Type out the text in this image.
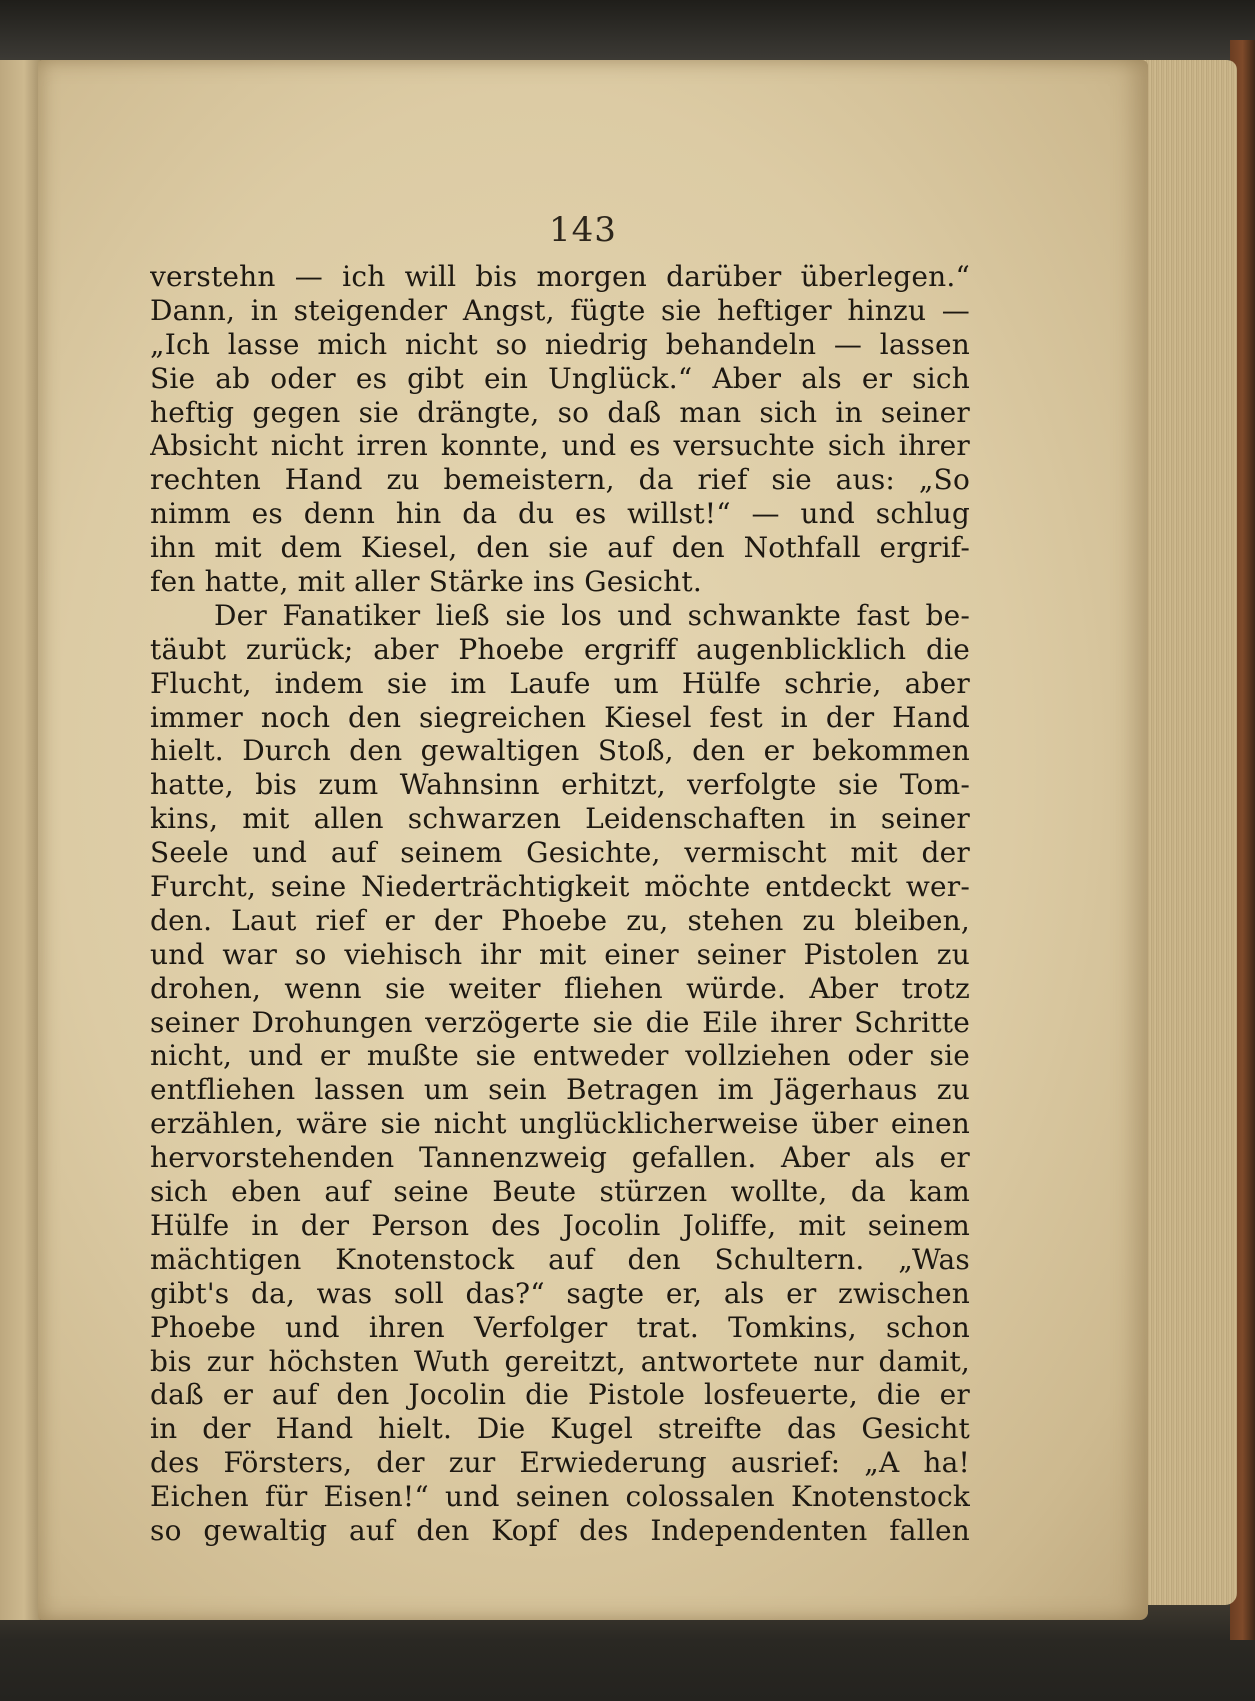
143
verstehn — ich will bis morgen darüber überlegen.“
Dann, in steigender Angst, fügte sie heftiger hinzu —
„Ich lasse mich nicht so niedrig behandeln — lassen
Sie ab oder es gibt ein Unglück.“ Aber als er sich
heftig gegen sie drängte, so daß man sich in seiner
Absicht nicht irren konnte, und es versuchte sich ihrer
rechten Hand zu bemeistern, da rief sie aus: „So
nimm es denn hin da du es willst!“ — und schlug
ihn mit dem Kiesel, den sie auf den Nothfall ergrif-
fen hatte, mit aller Stärke ins Gesicht.
Der Fanatiker ließ sie los und schwankte fast be-
täubt zurück; aber Phoebe ergriff augenblicklich die
Flucht, indem sie im Laufe um Hülfe schrie, aber
immer noch den siegreichen Kiesel fest in der Hand
hielt. Durch den gewaltigen Stoß, den er bekommen
hatte, bis zum Wahnsinn erhitzt, verfolgte sie Tom-
kins, mit allen schwarzen Leidenschaften in seiner
Seele und auf seinem Gesichte, vermischt mit der
Furcht, seine Niederträchtigkeit möchte entdeckt wer-
den. Laut rief er der Phoebe zu, stehen zu bleiben,
und war so viehisch ihr mit einer seiner Pistolen zu
drohen, wenn sie weiter fliehen würde. Aber trotz
seiner Drohungen verzögerte sie die Eile ihrer Schritte
nicht, und er mußte sie entweder vollziehen oder sie
entfliehen lassen um sein Betragen im Jägerhaus zu
erzählen, wäre sie nicht unglücklicherweise über einen
hervorstehenden Tannenzweig gefallen. Aber als er
sich eben auf seine Beute stürzen wollte, da kam
Hülfe in der Person des Jocolin Joliffe, mit seinem
mächtigen Knotenstock auf den Schultern. „Was
gibt's da, was soll das?“ sagte er, als er zwischen
Phoebe und ihren Verfolger trat. Tomkins, schon
bis zur höchsten Wuth gereitzt, antwortete nur damit,
daß er auf den Jocolin die Pistole losfeuerte, die er
in der Hand hielt. Die Kugel streifte das Gesicht
des Försters, der zur Erwiederung ausrief: „A ha!
Eichen für Eisen!“ und seinen colossalen Knotenstock
so gewaltig auf den Kopf des Independenten fallen
